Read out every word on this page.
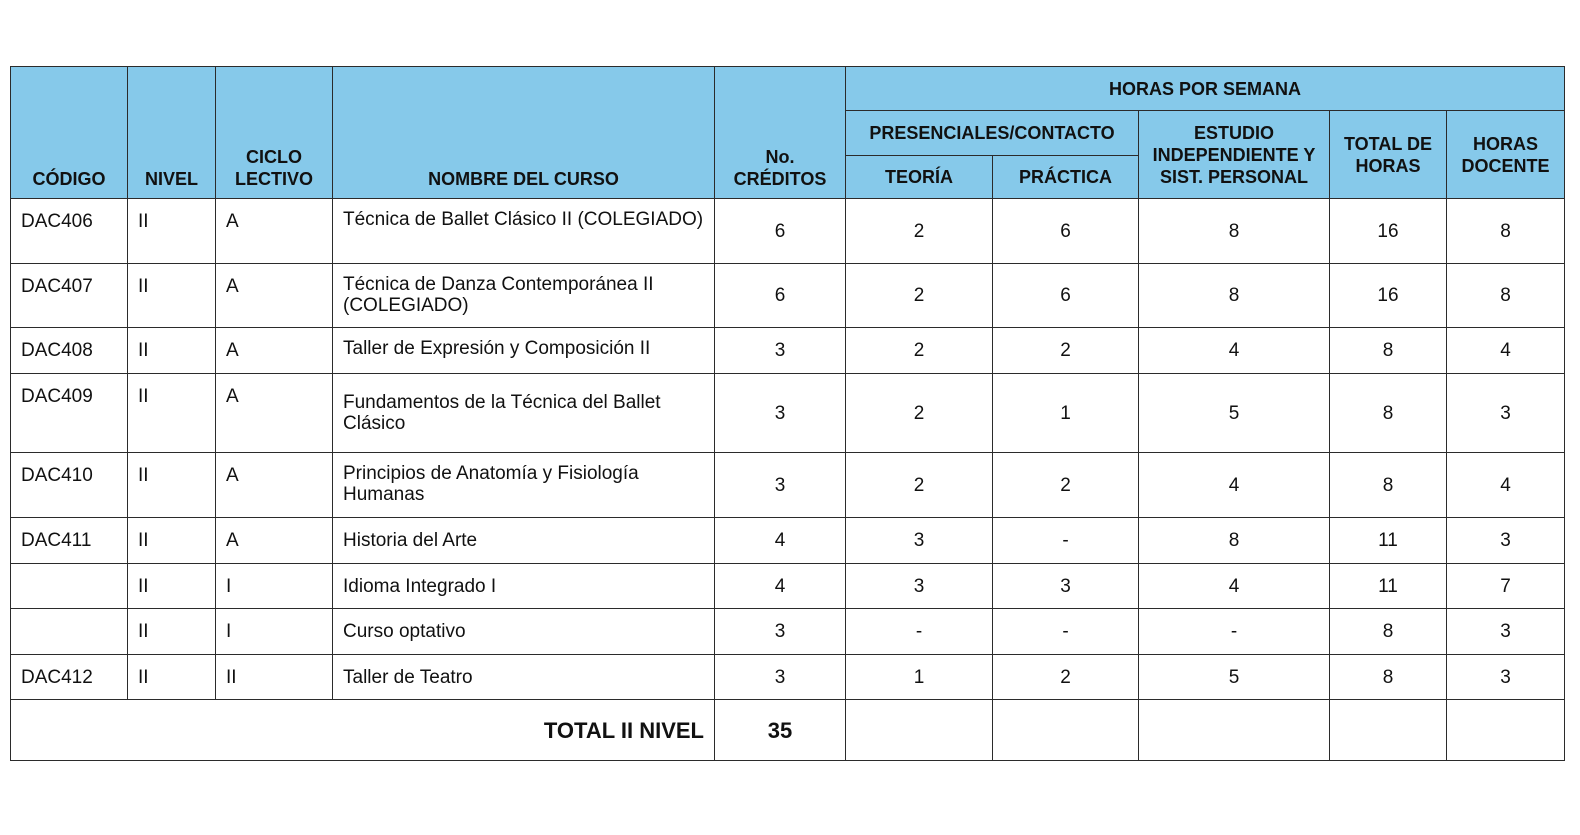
CÓDIGO	NIVEL	CICLO LECTIVO	NOMBRE DEL CURSO	No. CRÉDITOS	HORAS POR SEMANA				
					PRESENCIALES/CONTACTO		ESTUDIO INDEPENDIENTE Y SIST. PERSONAL	TOTAL DE HORAS	HORAS DOCENTE
					TEORÍA	PRÁCTICA			
DAC406	II	A	Técnica de Ballet Clásico II (COLEGIADO)	6	2	6	8	16	8
DAC407	II	A	Técnica de Danza Contemporánea II (COLEGIADO)	6	2	6	8	16	8
DAC408	II	A	Taller de Expresión y Composición II	3	2	2	4	8	4
DAC409	II	A	Fundamentos de la Técnica del Ballet Clásico	3	2	1	5	8	3
DAC410	II	A	Principios de Anatomía y Fisiología Humanas	3	2	2	4	8	4
DAC411	II	A	Historia del Arte	4	3	-	8	11	3
	II	I	Idioma Integrado I	4	3	3	4	11	7
	II	I	Curso optativo	3	-	-	-	8	3
DAC412	II	II	Taller de Teatro	3	1	2	5	8	3
TOTAL II NIVEL				35					
